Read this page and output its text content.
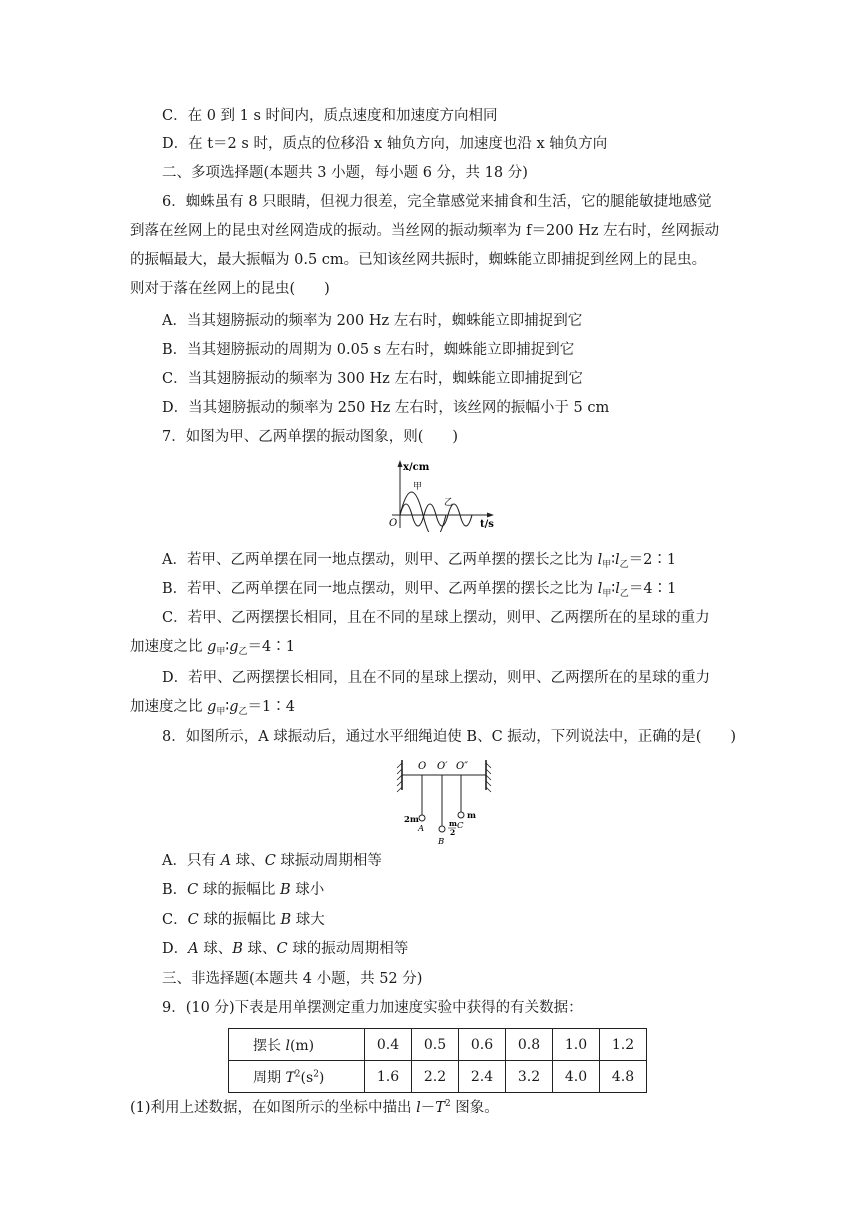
C．在 0 到 1 s 时间内，质点速度和加速度方向相同
D．在 t＝2 s 时，质点的位移沿 x 轴负方向，加速度也沿 x 轴负方向
二、多项选择题(本题共 3 小题，每小题 6 分，共 18 分)
6．蜘蛛虽有 8 只眼睛，但视力很差，完全靠感觉来捕食和生活，它的腿能敏捷地感觉
到落在丝网上的昆虫对丝网造成的振动。当丝网的振动频率为 f＝200 Hz 左右时，丝网振动
的振幅最大，最大振幅为 0.5 cm。已知该丝网共振时，蜘蛛能立即捕捉到丝网上的昆虫。
则对于落在丝网上的昆虫(　　)
A．当其翅膀振动的频率为 200 Hz 左右时，蜘蛛能立即捕捉到它
B．当其翅膀振动的周期为 0.05 s 左右时，蜘蛛能立即捕捉到它
C．当其翅膀振动的频率为 300 Hz 左右时，蜘蛛能立即捕捉到它
D．当其翅膀振动的频率为 250 Hz 左右时，该丝网的振幅小于 5 cm
7．如图为甲、乙两单摆的振动图象，则(　　)
x/cm
甲
乙
O	t/s
A．若甲、乙两单摆在同一地点摆动，则甲、乙两单摆的摆长之比为 $l_甲∶l_乙=2∶1$
B．若甲、乙两单摆在同一地点摆动，则甲、乙两单摆的摆长之比为 $l_甲∶l_乙=4∶1$
C．若甲、乙两摆摆长相同，且在不同的星球上摆动，则甲、乙两摆所在的星球的重力
加速度之比 $g_甲∶g_乙=4∶1$
D．若甲、乙两摆摆长相同，且在不同的星球上摆动，则甲、乙两摆所在的星球的重力
加速度之比 $g_甲∶g_乙=1∶4$
8．如图所示，A 球振动后，通过水平细绳迫使 B、C 振动，下列说法中，正确的是(　　)
O O′ O″
2m
A
m
2
B
m
C
A．只有 A 球、C 球振动周期相等
B．C 球的振幅比 B 球小
C．C 球的振幅比 B 球大
D．A 球、B 球、C 球的振动周期相等
三、非选择题(本题共 4 小题，共 52 分)
9．(10 分)下表是用单摆测定重力加速度实验中获得的有关数据：
摆长 l(m)	0.4	0.5	0.6	0.8	1.0	1.2
周期 $T^2(s^2)$	1.6	2.2	2.4	3.2	4.0	4.8
(1)利用上述数据，在如图所示的坐标中描出 $l-T^2$ 图象。
